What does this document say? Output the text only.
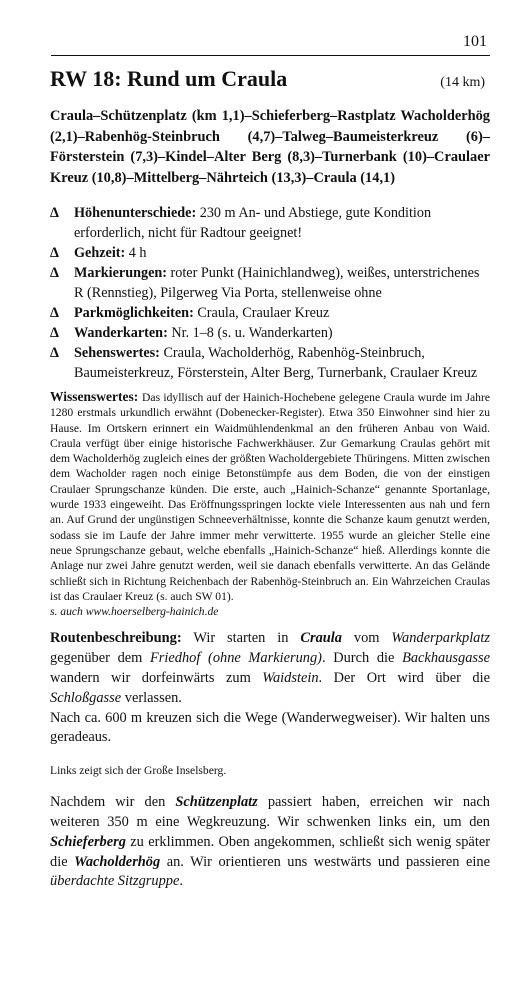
101
RW 18: Rund um Craula	(14 km)

Craula–Schützenplatz (km 1,1)–Schieferberg–Rastplatz Wacholderhög (2,1)–Rabenhög-Steinbruch (4,7)–Talweg–Baumeisterkreuz (6)–Försterstein (7,3)–Kindel–Alter Berg (8,3)–Turnerbank (10)–Craulaer Kreuz (10,8)–Mittelberg–Nährteich (13,3)–Craula (14,1)

Δ Höhenunterschiede: 230 m An- und Abstiege, gute Kondition erforderlich, nicht für Radtour geeignet!
Δ Gehzeit: 4 h
Δ Markierungen: roter Punkt (Hainichlandweg), weißes, unterstrichenes R (Rennstieg), Pilgerweg Via Porta, stellenweise ohne
Δ Parkmöglichkeiten: Craula, Craulaer Kreuz
Δ Wanderkarten: Nr. 1–8 (s. u. Wanderkarten)
Δ Sehenswertes: Craula, Wacholderhög, Rabenhög-Steinbruch, Baumeisterkreuz, Försterstein, Alter Berg, Turnerbank, Craulaer Kreuz

Wissenswertes: Das idyllisch auf der Hainich-Hochebene gelegene Craula wurde im Jahre 1280 erstmals urkundlich erwähnt (Dobenecker-Register). Etwa 350 Einwohner sind hier zu Hause. Im Ortskern erinnert ein Waidmühlendenkmal an den früheren Anbau von Waid. Craula verfügt über einige historische Fachwerkhäuser. Zur Gemarkung Craulas gehört mit dem Wacholderhög zugleich eines der größten Wacholdergebiete Thüringens. Mitten zwischen dem Wacholder ragen noch einige Betonstümpfe aus dem Boden, die von der einstigen Craulaer Sprungschanze künden. Die erste, auch „Hainich-Schanze“ genannte Sportanlage, wurde 1933 eingeweiht. Das Eröffnungsspringen lockte viele Interessenten aus nah und fern an. Auf Grund der ungünstigen Schneeverhältnisse, konnte die Schanze kaum genutzt werden, sodass sie im Laufe der Jahre immer mehr verwitterte. 1955 wurde an gleicher Stelle eine neue Sprungschanze gebaut, welche ebenfalls „Hainich-Schanze“ hieß. Allerdings konnte die Anlage nur zwei Jahre genutzt werden, weil sie danach ebenfalls verwitterte. An das Gelände schließt sich in Richtung Reichenbach der Rabenhög-Steinbruch an. Ein Wahrzeichen Craulas ist das Craulaer Kreuz (s. auch SW 01).
s. auch www.hoerselberg-hainich.de

Routenbeschreibung: Wir starten in Craula vom Wanderparkplatz gegenüber dem Friedhof (ohne Markierung). Durch die Backhausgasse wandern wir dorfeinwärts zum Waidstein. Der Ort wird über die Schloßgasse verlassen.
Nach ca. 600 m kreuzen sich die Wege (Wanderwegweiser). Wir halten uns geradeaus.

Links zeigt sich der Große Inselsberg.

Nachdem wir den Schützenplatz passiert haben, erreichen wir nach weiteren 350 m eine Wegkreuzung. Wir schwenken links ein, um den Schieferberg zu erklimmen. Oben angekommen, schließt sich wenig später die Wacholderhög an. Wir orientieren uns westwärts und passieren eine überdachte Sitzgruppe.
